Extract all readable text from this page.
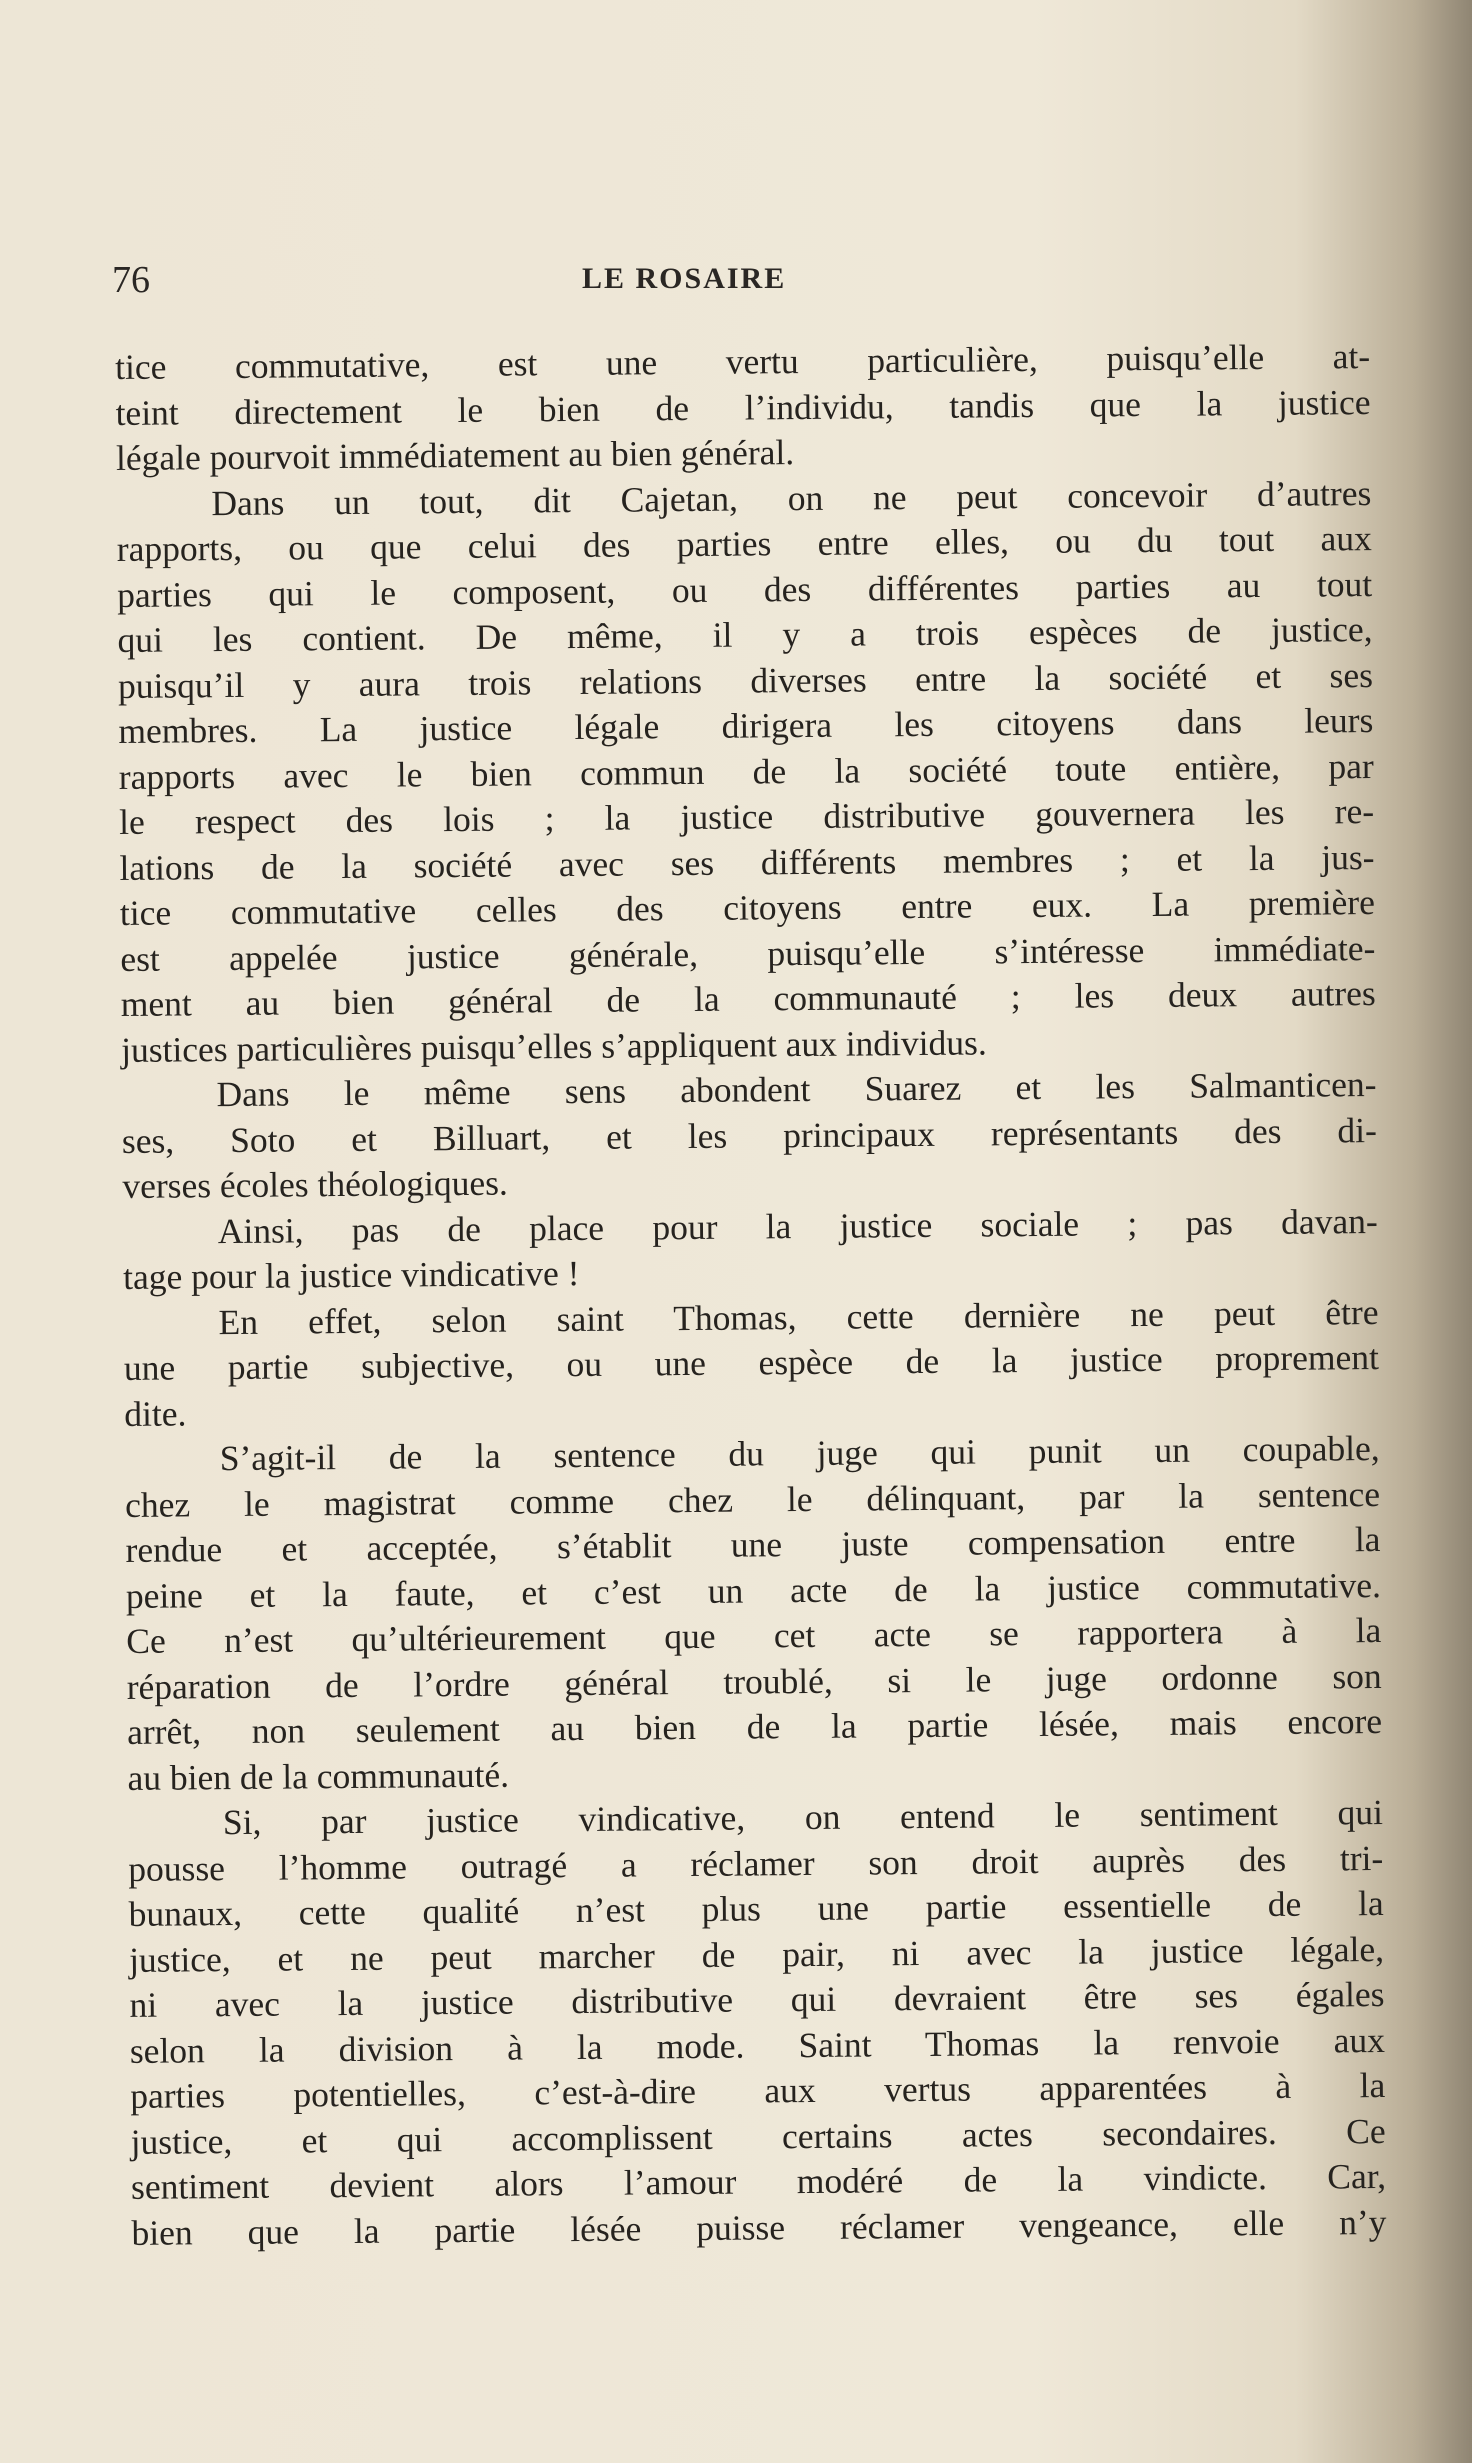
76	LE ROSAIRE
tice commutative, est une vertu particulière, puisqu’elle at-
teint directement le bien de l’individu, tandis que la justice
légale pourvoit immédiatement au bien général.
Dans un tout, dit Cajetan, on ne peut concevoir d’autres
rapports, ou que celui des parties entre elles, ou du tout aux
parties qui le composent, ou des différentes parties au tout
qui les contient. De même, il y a trois espèces de justice,
puisqu’il y aura trois relations diverses entre la société et ses
membres. La justice légale dirigera les citoyens dans leurs
rapports avec le bien commun de la société toute entière, par
le respect des lois ; la justice distributive gouvernera les re-
lations de la société avec ses différents membres ; et la jus-
tice commutative celles des citoyens entre eux. La première
est appelée justice générale, puisqu’elle s’intéresse immédiate-
ment au bien général de la communauté ; les deux autres
justices particulières puisqu’elles s’appliquent aux individus.
Dans le même sens abondent Suarez et les Salmanticen-
ses, Soto et Billuart, et les principaux représentants des di-
verses écoles théologiques.
Ainsi, pas de place pour la justice sociale ; pas davan-
tage pour la justice vindicative !
En effet, selon saint Thomas, cette dernière ne peut être
une partie subjective, ou une espèce de la justice proprement
dite.
S’agit-il de la sentence du juge qui punit un coupable,
chez le magistrat comme chez le délinquant, par la sentence
rendue et acceptée, s’établit une juste compensation entre la
peine et la faute, et c’est un acte de la justice commutative.
Ce n’est qu’ultérieurement que cet acte se rapportera à la
réparation de l’ordre général troublé, si le juge ordonne son
arrêt, non seulement au bien de la partie lésée, mais encore
au bien de la communauté.
Si, par justice vindicative, on entend le sentiment qui
pousse l’homme outragé a réclamer son droit auprès des tri-
bunaux, cette qualité n’est plus une partie essentielle de la
justice, et ne peut marcher de pair, ni avec la justice légale,
ni avec la justice distributive qui devraient être ses égales
selon la division à la mode. Saint Thomas la renvoie aux
parties potentielles, c’est-à-dire aux vertus apparentées à la
justice, et qui accomplissent certains actes secondaires. Ce
sentiment devient alors l’amour modéré de la vindicte. Car,
bien que la partie lésée puisse réclamer vengeance, elle n’y
